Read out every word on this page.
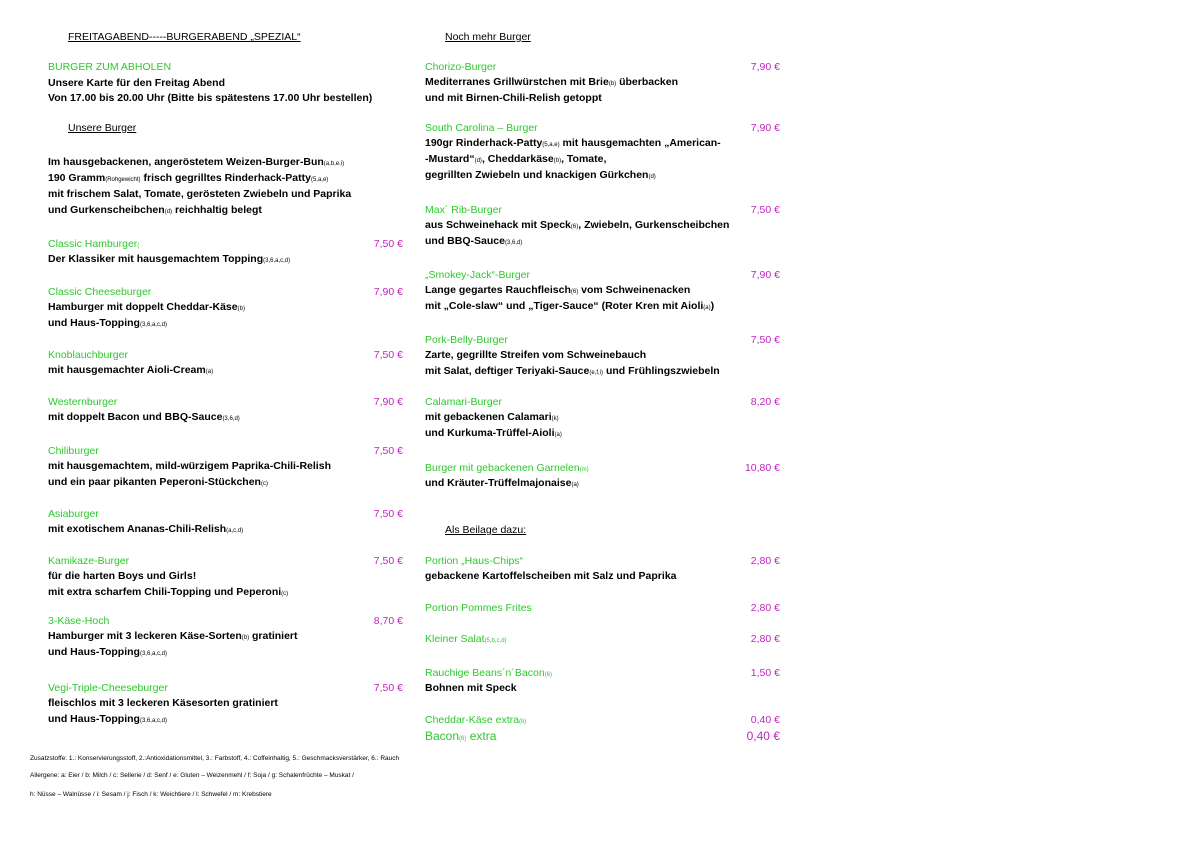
FREITAGABEND-----BURGERABEND „SPEZIAL“	Noch mehr Burger
BURGER ZUM ABHOLEN
Unsere Karte für den Freitag Abend
Von 17.00 bis 20.00 Uhr (Bitte bis spätestens 17.00 Uhr bestellen)
Unsere Burger
Im hausgebackenen, angeröstetem Weizen-Burger-Bun(a,b,e,i)
190 Gramm(Rohgewicht) frisch gegrilltes Rinderhack-Patty(5,a,e)
mit frischem Salat, Tomate, gerösteten Zwiebeln und Paprika
und Gurkenscheibchen(d) reichhaltig belegt
Classic Hamburger(	7,50 €
Der Klassiker mit hausgemachtem Topping(3,6,a,c,d)
Classic Cheeseburger	7,90 €
Hamburger mit doppelt Cheddar-Käse(b)
und Haus-Topping(3,6,a,c,d)
Knoblauchburger	7,50 €
mit hausgemachter Aioli-Cream(a)
Westernburger	7,90 €
mit doppelt Bacon und BBQ-Sauce(3,6,d)
Chiliburger	7,50 €
mit hausgemachtem, mild-würzigem Paprika-Chili-Relish
und ein paar pikanten Peperoni-Stückchen(c)
Asiaburger	7,50 €
mit exotischem Ananas-Chili-Relish(a,c,d)
Kamikaze-Burger	7,50 €
für die harten Boys und Girls!
mit extra scharfem Chili-Topping und Peperoni(c)
3-Käse-Hoch	8,70 €
Hamburger mit 3 leckeren Käse-Sorten(b) gratiniert
und Haus-Topping(3,6,a,c,d)
Vegi-Triple-Cheeseburger	7,50 €
fleischlos mit 3 leckeren Käsesorten gratiniert
und Haus-Topping(3,6,a,c,d)
Chorizo-Burger	7,90 €
Mediterranes Grillwürstchen mit Brie(b) überbacken
und mit Birnen-Chili-Relish getoppt
South Carolina – Burger	7,90 €
190gr Rinderhack-Patty(5,a,e) mit hausgemachten „American-
-Mustard“(d), Cheddarkäse(b), Tomate,
gegrillten Zwiebeln und knackigen Gürkchen(d)
Max´ Rib-Burger	7,50 €
aus Schweinehack mit Speck(6), Zwiebeln, Gurkenscheibchen
und BBQ-Sauce(3,6,d)
„Smokey-Jack“-Burger	7,90 €
Lange gegartes Rauchfleisch(6) vom Schweinenacken
mit „Cole-slaw“ und „Tiger-Sauce“ (Roter Kren mit Aioli(a))
Pork-Belly-Burger	7,50 €
Zarte, gegrillte Streifen vom Schweinebauch
mit Salat, deftiger Teriyaki-Sauce(e,f,i) und Frühlingszwiebeln
Calamari-Burger	8,20 €
mit gebackenen Calamari(k)
und Kurkuma-Trüffel-Aioli(a)
Burger mit gebackenen Garnelen(m)	10,80 €
und Kräuter-Trüffelmajonaise(a)
Als Beilage dazu:
Portion „Haus-Chips“	2,80 €
gebackene Kartoffelscheiben mit Salz und Paprika
Portion Pommes Frites	2,80 €
Kleiner Salat(5,b,c,d)	2,80 €
Rauchige Beans´n´Bacon(6)	1,50 €
Bohnen mit Speck
Cheddar-Käse extra(b)	0,40 €
Bacon(6) extra	0,40 €
Zusatzstoffe: 1.: Konservierungsstoff, 2.:Antioxidationsmittel, 3.: Farbstoff, 4.: Coffeinhaltig, 5.: Geschmacksverstärker, 6.: Rauch
Allergene: a: Eier / b: Milch / c: Sellerie / d: Senf / e: Gluten – Weizenmehl / f: Soja / g: Schalenfrüchte – Muskat /
h: Nüsse – Walnüsse / i: Sesam / j: Fisch / k: Weichtiere / l: Schwefel / m: Krebstiere
